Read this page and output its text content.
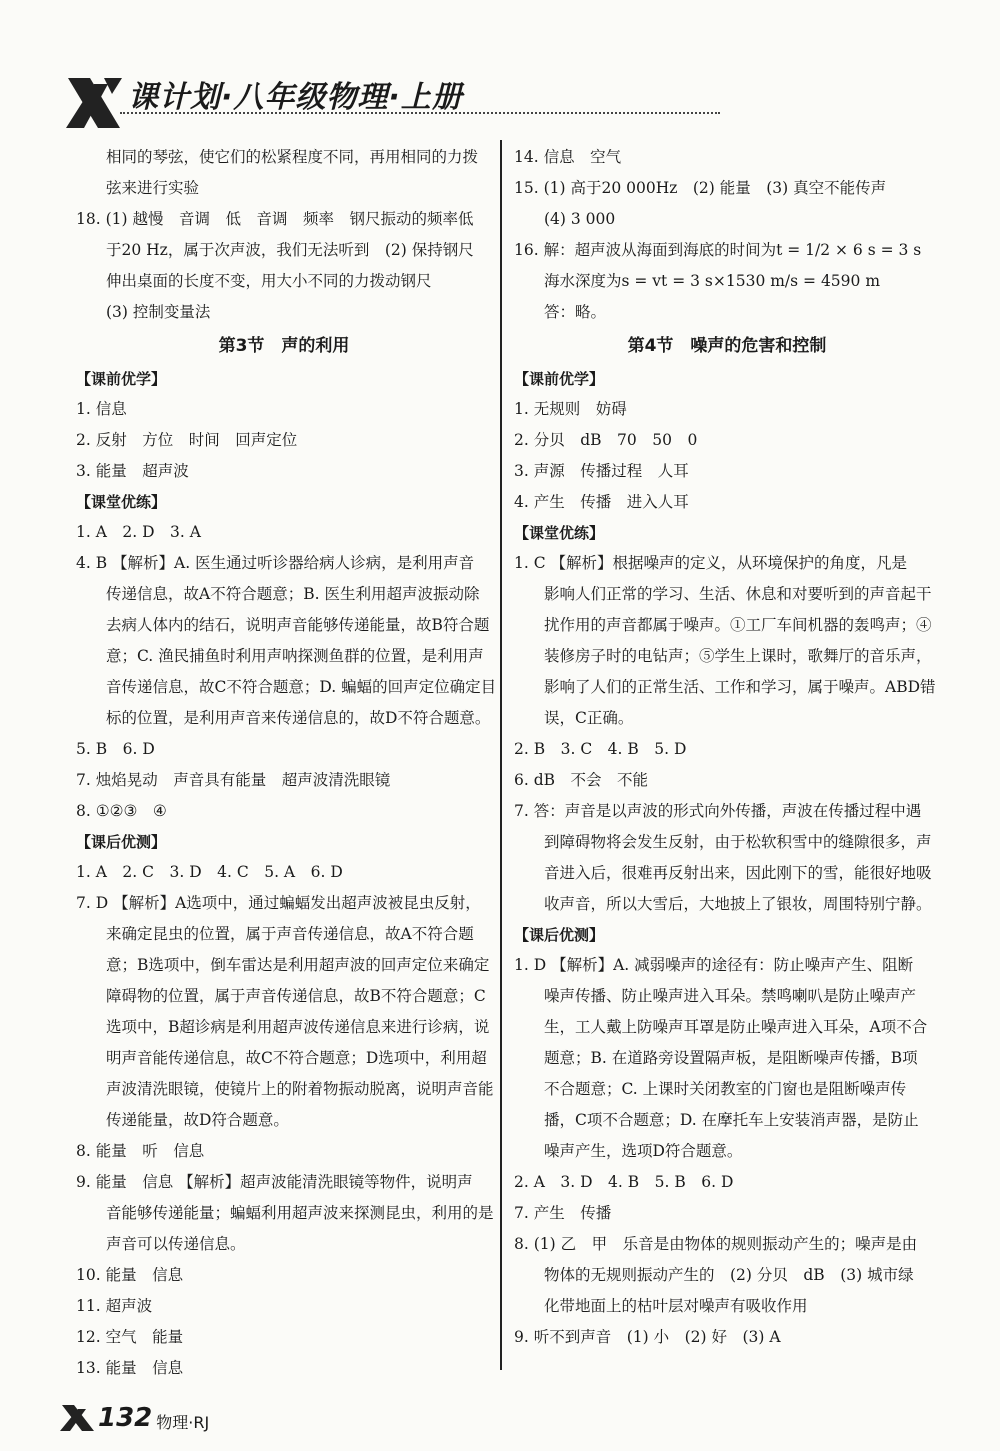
课计划·八年级物理·上册
相同的琴弦，使它们的松紧程度不同，再用相同的力拨
弦来进行实验
18. (1) 越慢　音调　低　音调　频率　钢尺振动的频率低
于20 Hz，属于次声波，我们无法听到　(2) 保持钢尺
伸出桌面的长度不变，用大小不同的力拨动钢尺
(3) 控制变量法
第3节　声的利用
【课前优学】
1. 信息
2. 反射　方位　时间　回声定位
3. 能量　超声波
【课堂优练】
1. A　2. D　3. A
4. B 【解析】A. 医生通过听诊器给病人诊病，是利用声音
传递信息，故A不符合题意；B. 医生利用超声波振动除
去病人体内的结石，说明声音能够传递能量，故B符合题
意；C. 渔民捕鱼时利用声呐探测鱼群的位置，是利用声
音传递信息，故C不符合题意；D. 蝙蝠的回声定位确定目
标的位置，是利用声音来传递信息的，故D不符合题意。
5. B　6. D
7. 烛焰晃动　声音具有能量　超声波清洗眼镜
8. ①②③　④
【课后优测】
1. A　2. C　3. D　4. C　5. A　6. D
7. D 【解析】A选项中，通过蝙蝠发出超声波被昆虫反射，
来确定昆虫的位置，属于声音传递信息，故A不符合题
意；B选项中，倒车雷达是利用超声波的回声定位来确定
障碍物的位置，属于声音传递信息，故B不符合题意；C
选项中，B超诊病是利用超声波传递信息来进行诊病，说
明声音能传递信息，故C不符合题意；D选项中，利用超
声波清洗眼镜，使镜片上的附着物振动脱离，说明声音能
传递能量，故D符合题意。
8. 能量　听　信息
9. 能量　信息 【解析】超声波能清洗眼镜等物件，说明声
音能够传递能量；蝙蝠利用超声波来探测昆虫，利用的是
声音可以传递信息。
10. 能量　信息
11. 超声波
12. 空气　能量
13. 能量　信息
14. 信息　空气
15. (1) 高于20 000Hz　(2) 能量　(3) 真空不能传声
(4) 3 000
16. 解：超声波从海面到海底的时间为t = 1/2 × 6 s = 3 s
海水深度为s = vt = 3 s×1530 m/s = 4590 m
答：略。
第4节　噪声的危害和控制
【课前优学】
1. 无规则　妨碍
2. 分贝　dB　70　50　0
3. 声源　传播过程　人耳
4. 产生　传播　进入人耳
【课堂优练】
1. C 【解析】根据噪声的定义，从环境保护的角度，凡是
影响人们正常的学习、生活、休息和对要听到的声音起干
扰作用的声音都属于噪声。①工厂车间机器的轰鸣声；④
装修房子时的电钻声；⑤学生上课时，歌舞厅的音乐声，
影响了人们的正常生活、工作和学习，属于噪声。ABD错
误，C正确。
2. B　3. C　4. B　5. D
6. dB　不会　不能
7. 答：声音是以声波的形式向外传播，声波在传播过程中遇
到障碍物将会发生反射，由于松软积雪中的缝隙很多，声
音进入后，很难再反射出来，因此刚下的雪，能很好地吸
收声音，所以大雪后，大地披上了银妆，周围特别宁静。
【课后优测】
1. D 【解析】A. 减弱噪声的途径有：防止噪声产生、阻断
噪声传播、防止噪声进入耳朵。禁鸣喇叭是防止噪声产
生，工人戴上防噪声耳罩是防止噪声进入耳朵，A项不合
题意；B. 在道路旁设置隔声板，是阻断噪声传播，B项
不合题意；C. 上课时关闭教室的门窗也是阻断噪声传
播，C项不合题意；D. 在摩托车上安装消声器，是防止
噪声产生，选项D符合题意。
2. A　3. D　4. B　5. B　6. D
7. 产生　传播
8. (1) 乙　甲　乐音是由物体的规则振动产生的；噪声是由
物体的无规则振动产生的　(2) 分贝　dB　(3) 城市绿
化带地面上的枯叶层对噪声有吸收作用
9. 听不到声音　(1) 小　(2) 好　(3) A
132 物理·RJ
